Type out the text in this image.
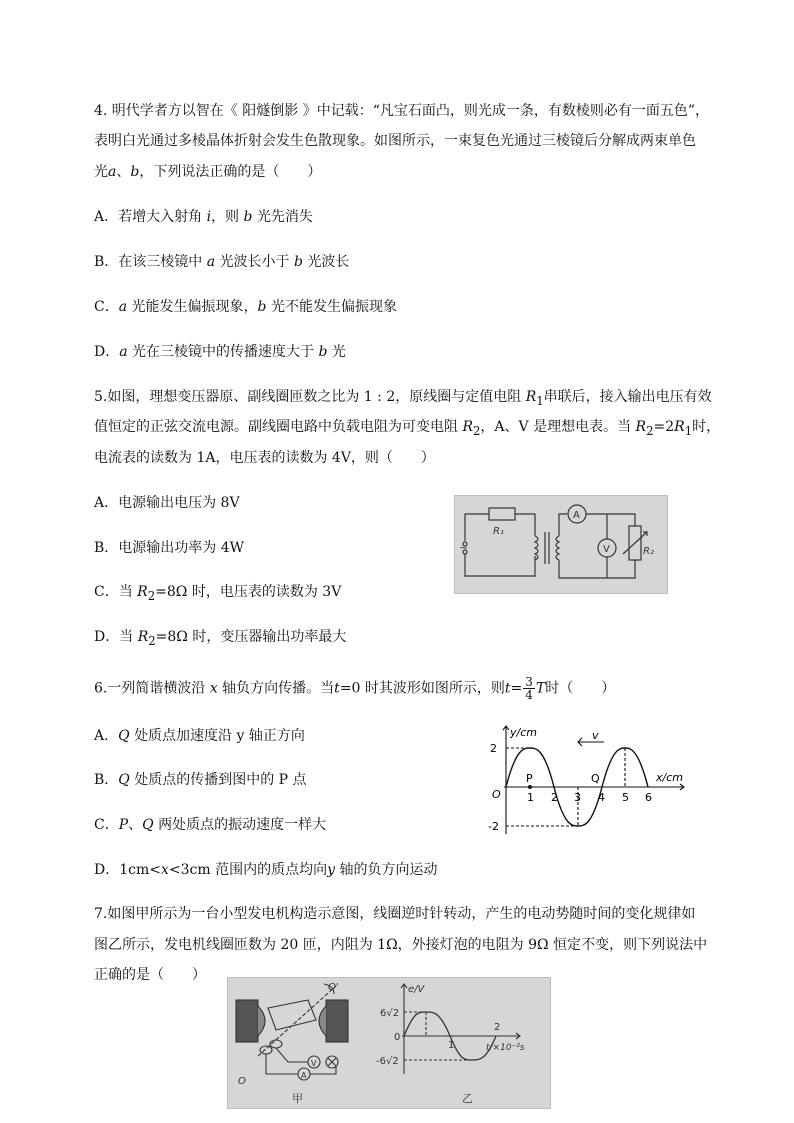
4. 明代学者方以智在《 阳燧倒影 》中记载：“凡宝石面凸，则光成一条，有数棱则必有一面五色”，
表明白光通过多棱晶体折射会发生色散现象。如图所示，一束复色光通过三棱镜后分解成两束单色
光a、b，下列说法正确的是（　　）
A．若增大入射角 i，则 b 光先消失
B．在该三棱镜中 a 光波长小于 b 光波长
C．a 光能发生偏振现象，b 光不能发生偏振现象
D．a 光在三棱镜中的传播速度大于 b 光
5.如图，理想变压器原、副线圈匝数之比为 1 : 2，原线圈与定值电阻 $R_1$串联后，接入输出电压有效
值恒定的正弦交流电源。副线圈电路中负载电阻为可变电阻 $R_2$，A、V 是理想电表。当 $R_2=2R_1$时，
电流表的读数为 1A，电压表的读数为 4V，则（　　）
A．电源输出电压为 8V
B．电源输出功率为 4W
C．当 $R_2=8\Omega$ 时，电压表的读数为 3V
D．当 $R_2=8\Omega$ 时，变压器输出功率最大
R₁
R₂
A
V
~
6.一列简谐横波沿 x 轴负方向传播。当t=0 时其波形如图所示，则$t= \frac{3}{4}$ T时（　　）
A．Q 处质点加速度沿 y 轴正方向
B．Q 处质点的传播到图中的 P 点
C．P、Q 两处质点的振动速度一样大
D．1cm<x<3cm 范围内的质点均向y 轴的负方向运动
2
-2
O
y/cm
x/cm
v
P	Q
1 2 3 4 5 6
7.如图甲所示为一台小型发电机构造示意图，线圈逆时针转动，产生的电动势随时间的变化规律如
图乙所示，发电机线圈匝数为 20 匝，内阻为 1Ω，外接灯泡的电阻为 9Ω 恒定不变，则下列说法中
正确的是（　　）
O'
O
A
V
甲
e/V
t/×10⁻²s
6√2
-6√2
0
1
2
乙
